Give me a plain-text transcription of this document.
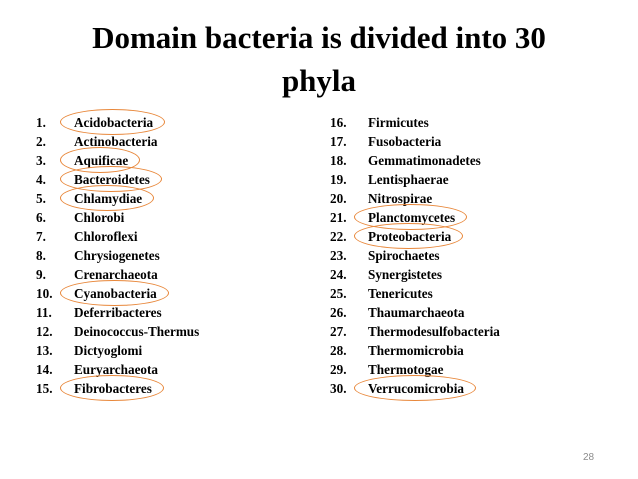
Domain bacteria is divided into 30
phyla
1. Acidobacteria
2. Actinobacteria
3. Aquificae
4. Bacteroidetes
5. Chlamydiae
6. Chlorobi
7. Chloroflexi
8. Chrysiogenetes
9. Crenarchaeota
10. Cyanobacteria
11. Deferribacteres
12. Deinococcus-Thermus
13. Dictyoglomi
14. Euryarchaeota
15. Fibrobacteres
16. Firmicutes
17. Fusobacteria
18. Gemmatimonadetes
19. Lentisphaerae
20. Nitrospirae
21. Planctomycetes
22. Proteobacteria
23. Spirochaetes
24. Synergistetes
25. Tenericutes
26. Thaumarchaeota
27. Thermodesulfobacteria
28. Thermomicrobia
29. Thermotogae
30. Verrucomicrobia
28
